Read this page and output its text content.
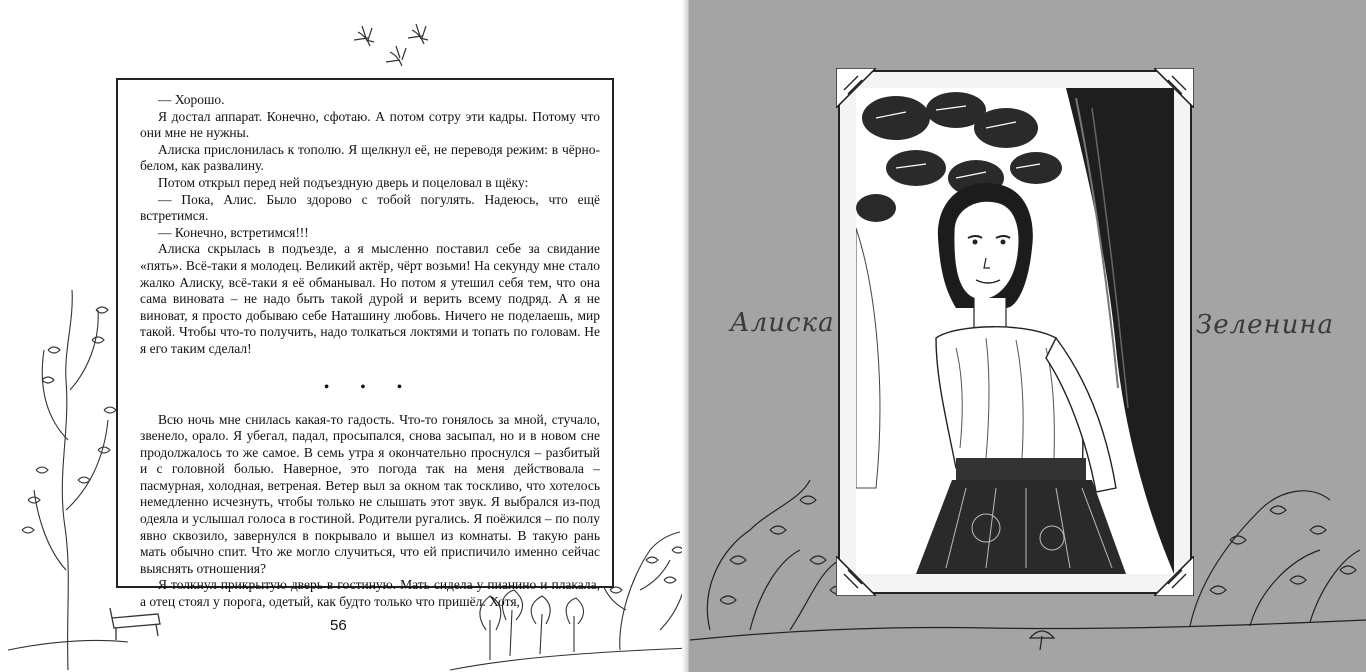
— Хорошо.

Я достал аппарат. Конечно, сфотаю. А потом сотру эти кадры. Потому что они мне не нужны.

Алиска прислонилась к тополю. Я щелкнул её, не переводя режим: в чёрно-белом, как развалину.

Потом открыл перед ней подъездную дверь и поцеловал в щёку:

— Пока, Алис. Было здорово с тобой погулять. Надеюсь, что ещё встретимся.

— Конечно, встретимся!!!

Алиска скрылась в подъезде, а я мысленно поставил себе за свидание «пять». Всё-таки я молодец. Великий актёр, чёрт возьми! На секунду мне стало жалко Алиску, всё-таки я её обманывал. Но потом я утешил себя тем, что она сама виновата – не надо быть такой дурой и верить всему подряд. А я не виноват, я просто добываю себе Наташину любовь. Ничего не поделаешь, мир такой. Чтобы что-то получить, надо толкаться локтями и топать по головам. Не я его таким сделал!

• • •

Всю ночь мне снилась какая-то гадость. Что-то гонялось за мной, стучало, звенело, орало. Я убегал, падал, просыпался, снова засыпал, но и в новом сне продолжалось то же самое. В семь утра я окончательно проснулся – разбитый и с головной болью. Наверное, это погода так на меня действовала – пасмурная, холодная, ветреная. Ветер выл за окном так тоскливо, что хотелось немедленно исчезнуть, чтобы только не слышать этот звук. Я выбрался из-под одеяла и услышал голоса в гостиной. Родители ругались. Я поёжился – по полу явно сквозило, завернулся в покрывало и вышел из комнаты. В такую рань мать обычно спит. Что же могло случиться, что ей приспичило именно сейчас выяснять отношения?

Я толкнул прикрытую дверь в гостиную. Мать сидела у пианино и плакала, а отец стоял у порога, одетый, как будто только что пришёл. Хотя,

56
Алиска	Зеленина
